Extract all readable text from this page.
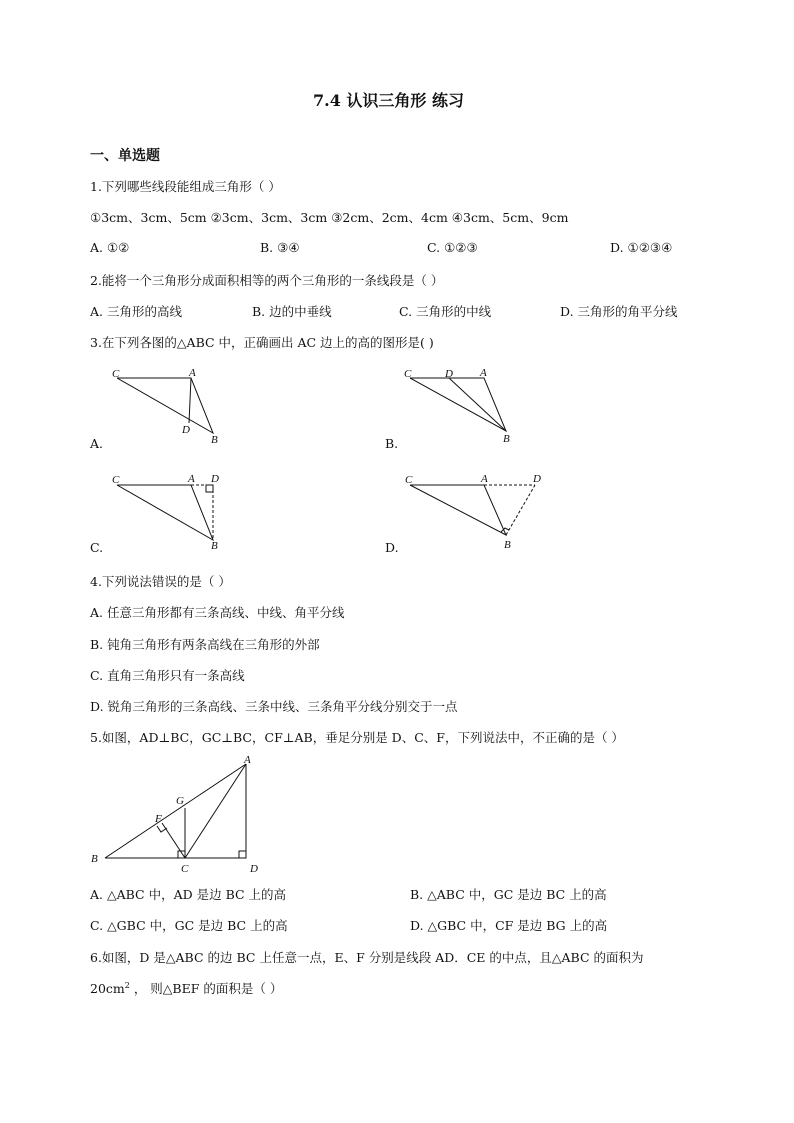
7.4 认识三角形 练习
一、单选题
1.下列哪些线段能组成三角形（ ）
①3cm、3cm、5cm ②3cm、3cm、3cm ③2cm、2cm、4cm ④3cm、5cm、9cm
A. ①②	B. ③④	C. ①②③	D. ①②③④
2.能将一个三角形分成面积相等的两个三角形的一条线段是（ ）
A. 三角形的高线	B. 边的中垂线	C. 三角形的中线	D. 三角形的角平分线
3.在下列各图的△ABC 中，正确画出 AC 边上的高的图形是( )
C	A
D
B
A.
C	D A
B
B.
C	A D
B
C.
C	A	D
B
D.
4.下列说法错误的是（ ）
A. 任意三角形都有三条高线、中线、角平分线
B. 钝角三角形有两条高线在三角形的外部
C. 直角三角形只有一条高线
D. 锐角三角形的三条高线、三条中线、三条角平分线分别交于一点
5.如图，AD⊥BC，GC⊥BC，CF⊥AB，垂足分别是 D、C、F，下列说法中，不正确的是（ ）
A
G
F
B
C	D
A. △ABC 中，AD 是边 BC 上的高	B. △ABC 中，GC 是边 BC 上的高
C. △GBC 中，GC 是边 BC 上的高	D. △GBC 中，CF 是边 BG 上的高
6.如图，D 是△ABC 的边 BC 上任意一点，E、F 分别是线段 AD．CE 的中点，且△ABC 的面积为
$20cm^2$ ， 则△BEF 的面积是（ ）
